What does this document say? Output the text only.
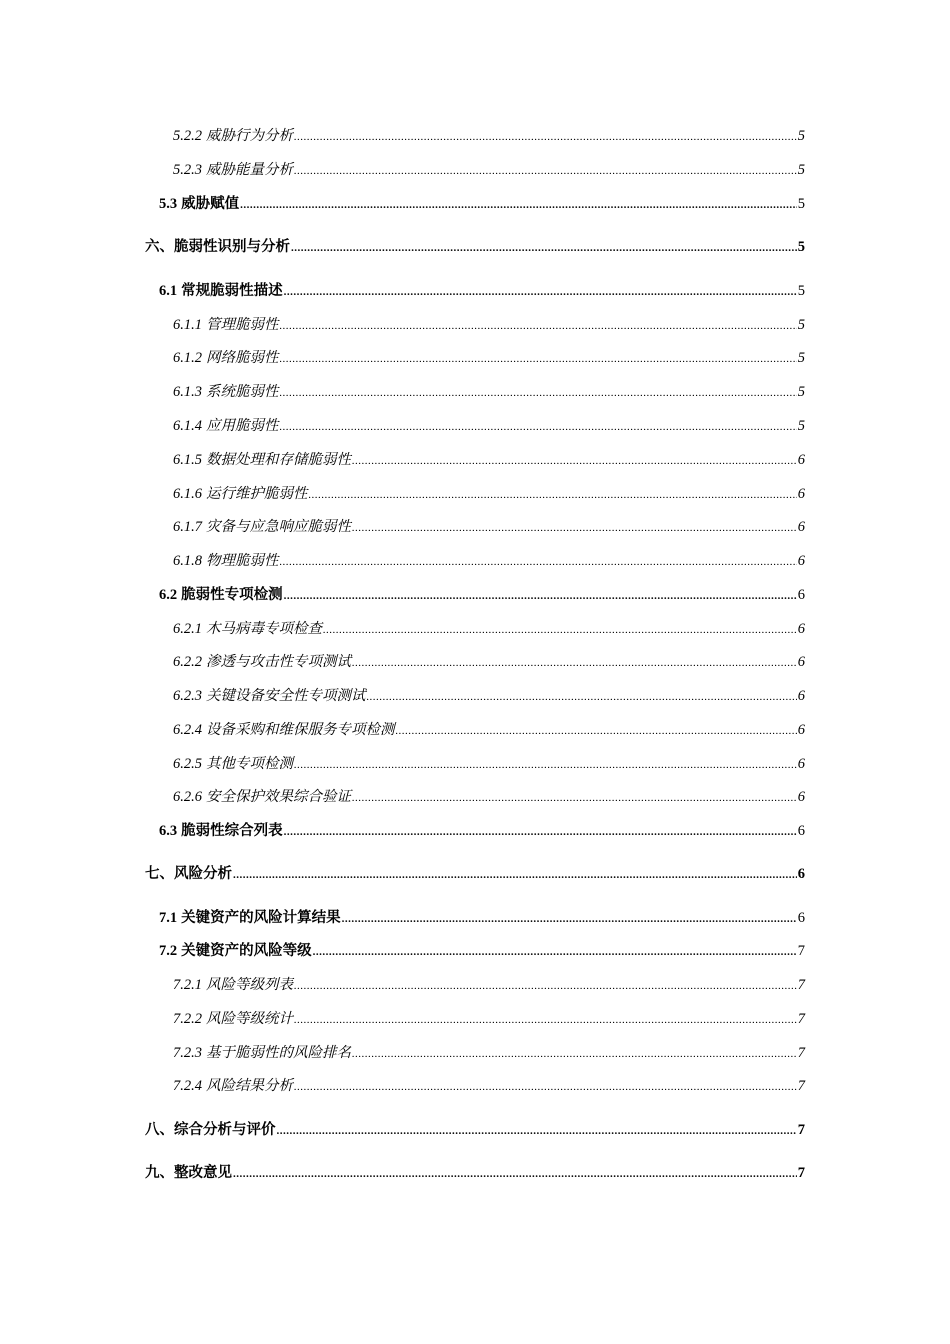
5.2.2 威胁行为分析 .....	5
5.2.3 威胁能量分析 .....	5
5.3 威胁赋值 .....	5
六、脆弱性识别与分析 .....	5
6.1 常规脆弱性描述 .....	5
6.1.1 管理脆弱性 .....	5
6.1.2 网络脆弱性 .....	5
6.1.3 系统脆弱性 .....	5
6.1.4 应用脆弱性 .....	5
6.1.5 数据处理和存储脆弱性 .....	6
6.1.6 运行维护脆弱性 .....	6
6.1.7 灾备与应急响应脆弱性 .....	6
6.1.8 物理脆弱性 .....	6
6.2 脆弱性专项检测 .....	6
6.2.1 木马病毒专项检查 .....	6
6.2.2 渗透与攻击性专项测试 .....	6
6.2.3 关键设备安全性专项测试 .....	6
6.2.4 设备采购和维保服务专项检测 .....	6
6.2.5 其他专项检测 .....	6
6.2.6 安全保护效果综合验证 .....	6
6.3 脆弱性综合列表 .....	6
七、风险分析 .....	6
7.1 关键资产的风险计算结果 .....	6
7.2 关键资产的风险等级 .....	7
7.2.1 风险等级列表 .....	7
7.2.2 风险等级统计 .....	7
7.2.3 基于脆弱性的风险排名 .....	7
7.2.4 风险结果分析 .....	7
八、综合分析与评价 .....	7
九、整改意见 .....	7
